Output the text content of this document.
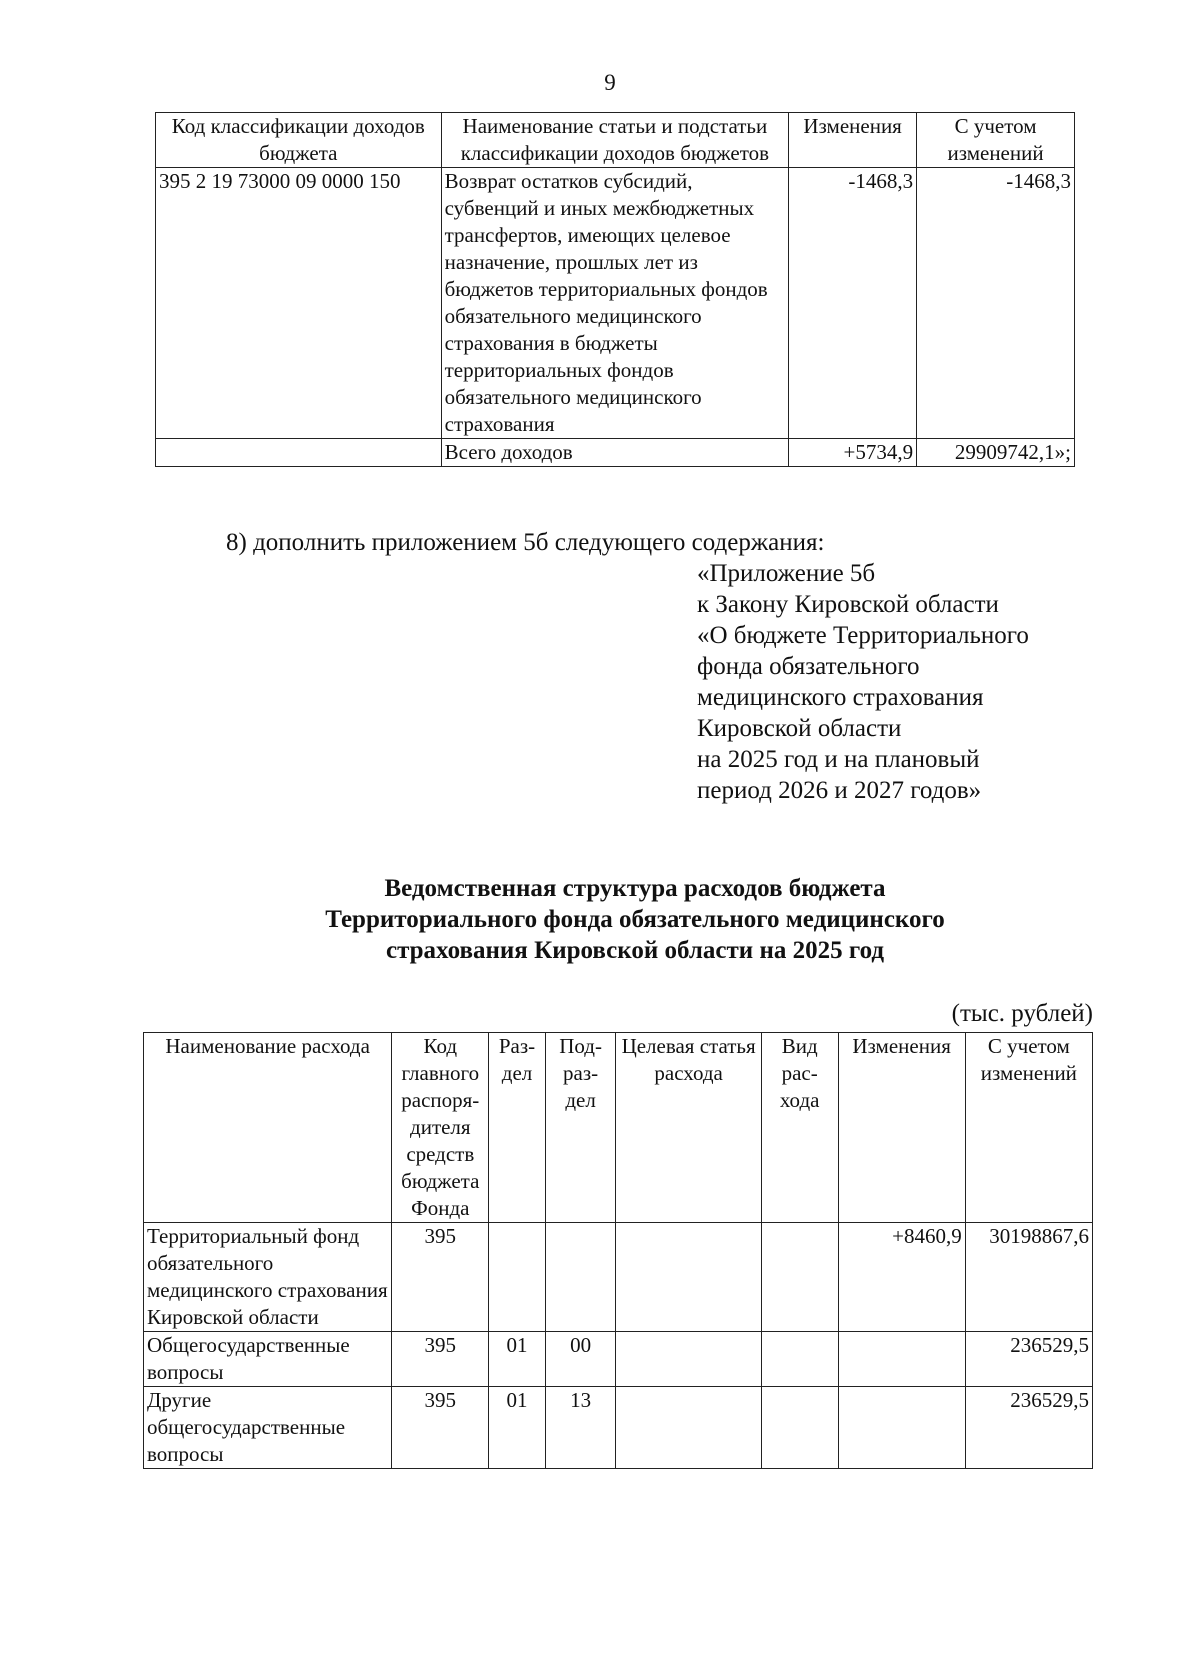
9
Код классификации доходов бюджета	Наименование статьи и подстатьи классификации доходов бюджетов	Изменения	С учетом изменений
395 2 19 73000 09 0000 150	Возврат остатков субсидий, субвенций и иных межбюджетных трансфертов, имеющих целевое назначение, прошлых лет из бюджетов территориальных фондов обязательного медицинского страхования в бюджеты территориальных фондов обязательного медицинского страхования	-1468,3	-1468,3
	Всего доходов	+5734,9	29909742,1»;
8) дополнить приложением 5б следующего содержания:
«Приложение 5б
к Закону Кировской области
«О бюджете Территориального
фонда обязательного
медицинского страхования
Кировской области
на 2025 год и на плановый
период 2026 и 2027 годов»
Ведомственная структура расходов бюджета
Территориального фонда обязательного медицинского
страхования Кировской области на 2025 год
(тыс. рублей)
Наименование расхода	Код главного распоря-дителя средств бюджета Фонда	Раз-дел	Под-раз-дел	Целевая статья расхода	Вид рас-хода	Изменения	С учетом изменений
Территориальный фонд обязательного медицинского страхования Кировской области	395					+8460,9	30198867,6
Общегосударственные вопросы	395	01	00				236529,5
Другие общегосударственные вопросы	395	01	13				236529,5
